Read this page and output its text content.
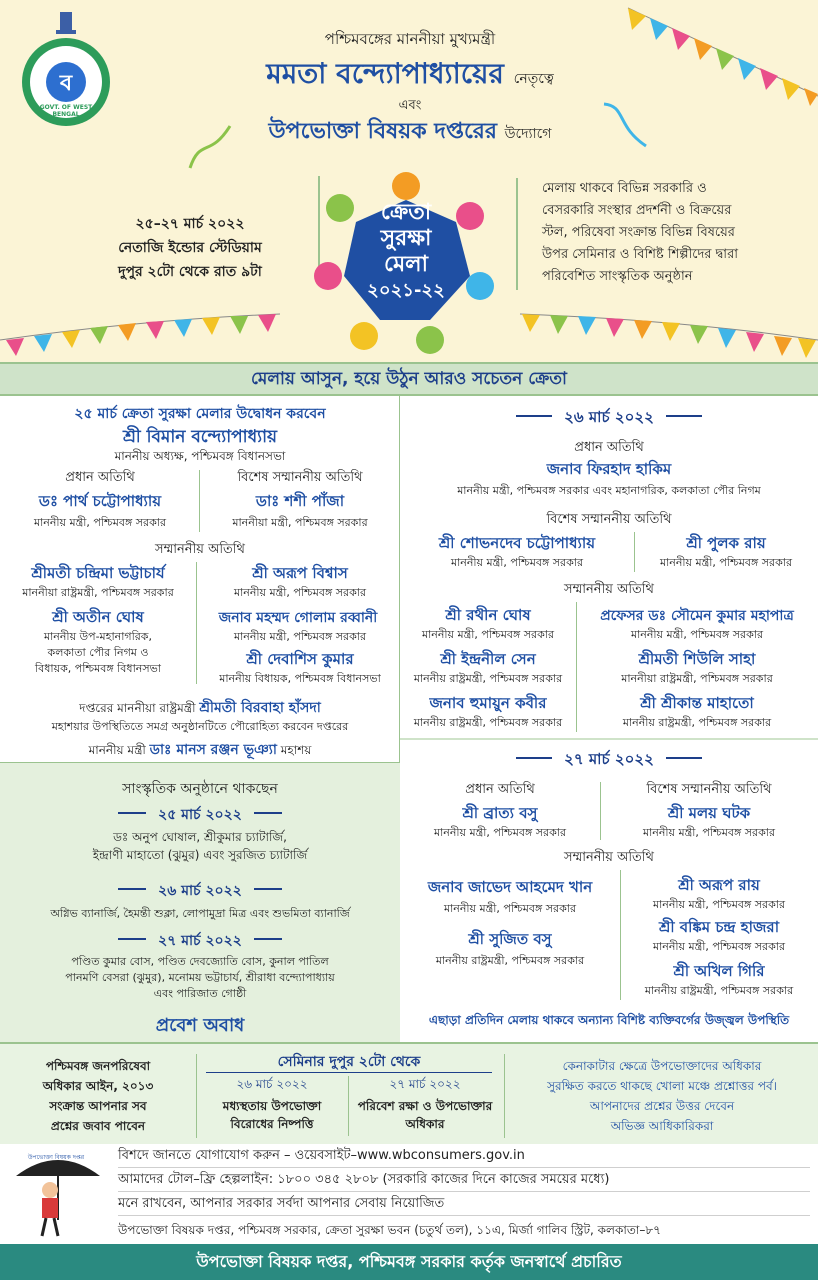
ব
GOVT. OF WEST BENGAL
পশ্চিমবঙ্গের মাননীয়া মুখ্যমন্ত্রী
মমতা বন্দ্যোপাধ্যায়ের নেতৃত্বে
এবং
উপভোক্তা বিষয়ক দপ্তরের উদ্যোগে
২৫–২৭ মার্চ ২০২২
নেতাজি ইন্ডোর স্টেডিয়াম
দুপুর ২টো থেকে রাত ৯টা
ক্রেতা
সুরক্ষা
মেলা
২০২১-২২
মেলায় থাকবে বিভিন্ন সরকারি ও
বেসরকারি সংস্থার প্রদর্শনী ও বিক্রয়ের
স্টল, পরিষেবা সংক্রান্ত বিভিন্ন বিষয়ের
উপর সেমিনার ও বিশিষ্ট শিল্পীদের দ্বারা
পরিবেশিত সাংস্কৃতিক অনুষ্ঠান
মেলায় আসুন, হয়ে উঠুন আরও সচেতন ক্রেতা
২৫ মার্চ ক্রেতা সুরক্ষা মেলার উদ্বোধন করবেন
শ্রী বিমান বন্দ্যোপাধ্যায়
মাননীয় অধ্যক্ষ, পশ্চিমবঙ্গ বিধানসভা
প্রধান অতিথি	বিশেষ সম্মাননীয় অতিথি
ডঃ পার্থ চট্টোপাধ্যায়
মাননীয় মন্ত্রী, পশ্চিমবঙ্গ সরকার
ডাঃ শশী পাঁজা
মাননীয়া মন্ত্রী, পশ্চিমবঙ্গ সরকার
সম্মাননীয় অতিথি
শ্রীমতী চন্দ্রিমা ভট্টাচার্য
মাননীয়া রাষ্ট্রমন্ত্রী, পশ্চিমবঙ্গ সরকার
শ্রী অরূপ বিশ্বাস
মাননীয় মন্ত্রী, পশ্চিমবঙ্গ সরকার
শ্রী অতীন ঘোষ
মাননীয় উপ-মহানাগরিক,
কলকাতা পৌর নিগম ও
বিধায়ক, পশ্চিমবঙ্গ বিধানসভা
জনাব মহম্মদ গোলাম রব্বানী
মাননীয় মন্ত্রী, পশ্চিমবঙ্গ সরকার
শ্রী দেবাশিস কুমার
মাননীয় বিধায়ক, পশ্চিমবঙ্গ বিধানসভা
দপ্তরের মাননীয়া রাষ্ট্রমন্ত্রী শ্রীমতী বিরবাহা হাঁসদা
মহাশয়ার উপস্থিতিতে সমগ্র অনুষ্ঠানটিতে পৌরোহিত্য করবেন দপ্তরের
মাননীয় মন্ত্রী ডাঃ মানস রঞ্জন ভূঞ্যা মহাশয়
সাংস্কৃতিক অনুষ্ঠানে থাকছেন
২৫ মার্চ ২০২২
ডঃ অনুপ ঘোষাল, শ্রীকুমার চ্যাটার্জি,
ইন্দ্রাণী মাহাতো (ঝুমুর) এবং সুরজিত চ্যাটার্জি
২৬ মার্চ ২০২২
অগ্নিভ ব্যানার্জি, হৈমন্তী শুক্লা, লোপামুদ্রা মিত্র এবং শুভমিতা ব্যানার্জি
২৭ মার্চ ২০২২
পণ্ডিত কুমার বোস, পণ্ডিত দেবজ্যোতি বোস, কুনাল পাতিল
পানমণি বেসরা (ঝুমুর), মনোময় ভট্টাচার্য, শ্রীরাধা বন্দ্যোপাধ্যায়
এবং পারিজাত গোষ্ঠী
প্রবেশ অবাধ
২৬ মার্চ ২০২২
প্রধান অতিথি
জনাব ফিরহাদ হাকিম
মাননীয় মন্ত্রী, পশ্চিমবঙ্গ সরকার এবং মহানাগরিক, কলকাতা পৌর নিগম
বিশেষ সম্মাননীয় অতিথি
শ্রী শোভনদেব চট্টোপাধ্যায়
মাননীয় মন্ত্রী, পশ্চিমবঙ্গ সরকার
শ্রী পুলক রায়
মাননীয় মন্ত্রী, পশ্চিমবঙ্গ সরকার
সম্মাননীয় অতিথি
শ্রী রথীন ঘোষ
মাননীয় মন্ত্রী, পশ্চিমবঙ্গ সরকার
প্রফেসর ডঃ সৌমেন কুমার মহাপাত্র
মাননীয় মন্ত্রী, পশ্চিমবঙ্গ সরকার
শ্রী ইন্দ্রনীল সেন
মাননীয় রাষ্ট্রমন্ত্রী, পশ্চিমবঙ্গ সরকার
শ্রীমতী শিউলি সাহা
মাননীয়া রাষ্ট্রমন্ত্রী, পশ্চিমবঙ্গ সরকার
জনাব হুমায়ুন কবীর
মাননীয় রাষ্ট্রমন্ত্রী, পশ্চিমবঙ্গ সরকার
শ্রী শ্রীকান্ত মাহাতো
মাননীয় রাষ্ট্রমন্ত্রী, পশ্চিমবঙ্গ সরকার
২৭ মার্চ ২০২২
প্রধান অতিথি	বিশেষ সম্মাননীয় অতিথি
শ্রী ব্রাত্য বসু
মাননীয় মন্ত্রী, পশ্চিমবঙ্গ সরকার
শ্রী মলয় ঘটক
মাননীয় মন্ত্রী, পশ্চিমবঙ্গ সরকার
সম্মাননীয় অতিথি
জনাব জাভেদ আহমেদ খান
মাননীয় মন্ত্রী, পশ্চিমবঙ্গ সরকার
শ্রী অরূপ রায়
মাননীয় মন্ত্রী, পশ্চিমবঙ্গ সরকার
শ্রী বঙ্কিম চন্দ্র হাজরা
মাননীয় মন্ত্রী, পশ্চিমবঙ্গ সরকার
শ্রী সুজিত বসু
মাননীয় রাষ্ট্রমন্ত্রী, পশ্চিমবঙ্গ সরকার
শ্রী অখিল গিরি
মাননীয় রাষ্ট্রমন্ত্রী, পশ্চিমবঙ্গ সরকার
এছাড়া প্রতিদিন মেলায় থাকবে অন্যান্য বিশিষ্ট ব্যক্তিবর্গের উজ্জ্বল উপস্থিতি
পশ্চিমবঙ্গ জনপরিষেবা
অধিকার আইন, ২০১৩
সংক্রান্ত আপনার সব
প্রশ্নের জবাব পাবেন
সেমিনার দুপুর ২টো থেকে
২৬ মার্চ ২০২২
মধ্যস্থতায় উপভোক্তা
বিরোধের নিষ্পত্তি
২৭ মার্চ ২০২২
পরিবেশ রক্ষা ও উপভোক্তার
অধিকার
কেনাকাটার ক্ষেত্রে উপভোক্তাদের অধিকার
সুরক্ষিত করতে থাকছে খোলা মঞ্চে প্রশ্নোত্তর পর্ব।
আপনাদের প্রশ্নের উত্তর দেবেন
অভিজ্ঞ আধিকারিকরা
উপভোক্তা বিষয়ক দপ্তর	বিশদে জানতে যোগাযোগ করুন – ওয়েবসাইট–www.wbconsumers.gov.in
আমাদের টোল–ফ্রি হেল্পলাইন: ১৮০০ ৩৪৫ ২৮০৮ (সরকারি কাজের দিনে কাজের সময়ের মধ্যে)
মনে রাখবেন, আপনার সরকার সর্বদা আপনার সেবায় নিয়োজিত
উপভোক্তা বিষয়ক দপ্তর, পশ্চিমবঙ্গ সরকার, ক্রেতা সুরক্ষা ভবন (চতুর্থ তল), ১১এ, মির্জা গালিব স্ট্রিট, কলকাতা–৮৭
উপভোক্তা বিষয়ক দপ্তর, পশ্চিমবঙ্গ সরকার কর্তৃক জনস্বার্থে প্রচারিত
